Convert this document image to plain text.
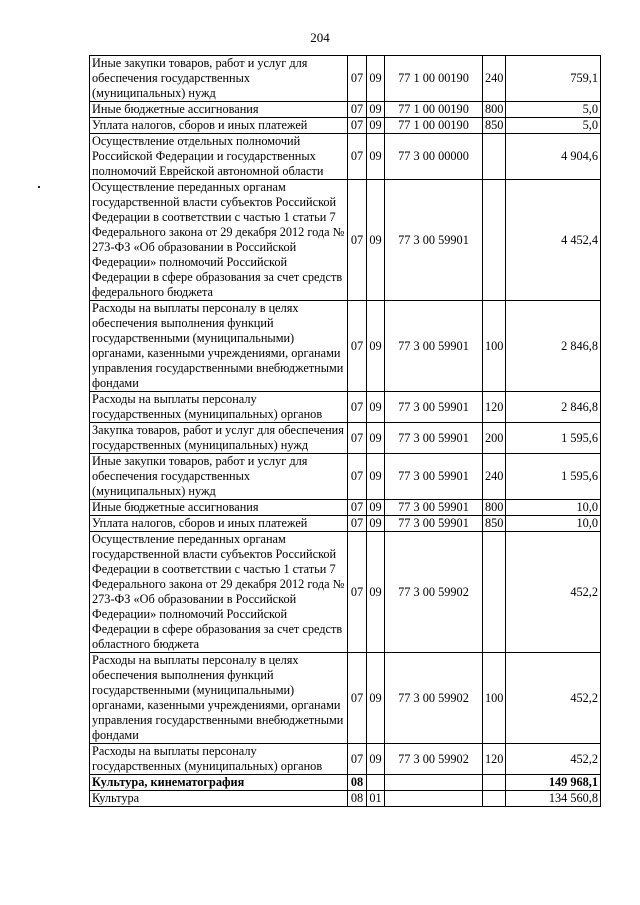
204
Иные закупки товаров, работ и услуг для обеспечения государственных (муниципальных) нужд	07	09	77 1 00 00190	240	759,1
Иные бюджетные ассигнования	07	09	77 1 00 00190	800	5,0
Уплата налогов, сборов и иных платежей	07	09	77 1 00 00190	850	5,0
Осуществление отдельных полномочий Российской Федерации и государственных полномочий Еврейской автономной области	07	09	77 3 00 00000		4 904,6
Осуществление переданных органам государственной власти субъектов Российской Федерации в соответствии с частью 1 статьи 7 Федерального закона от 29 декабря 2012 года № 273-ФЗ «Об образовании в Российской Федерации» полномочий Российской Федерации в сфере образования за счет средств федерального бюджета	07	09	77 3 00 59901		4 452,4
Расходы на выплаты персоналу в целях обеспечения выполнения функций государственными (муниципальными) органами, казенными учреждениями, органами управления государственными внебюджетными фондами	07	09	77 3 00 59901	100	2 846,8
Расходы на выплаты персоналу государственных (муниципальных) органов	07	09	77 3 00 59901	120	2 846,8
Закупка товаров, работ и услуг для обеспечения государственных (муниципальных) нужд	07	09	77 3 00 59901	200	1 595,6
Иные закупки товаров, работ и услуг для обеспечения государственных (муниципальных) нужд	07	09	77 3 00 59901	240	1 595,6
Иные бюджетные ассигнования	07	09	77 3 00 59901	800	10,0
Уплата налогов, сборов и иных платежей	07	09	77 3 00 59901	850	10,0
Осуществление переданных органам государственной власти субъектов Российской Федерации в соответствии с частью 1 статьи 7 Федерального закона от 29 декабря 2012 года № 273-ФЗ «Об образовании в Российской Федерации» полномочий Российской Федерации в сфере образования за счет средств областного бюджета	07	09	77 3 00 59902		452,2
Расходы на выплаты персоналу в целях обеспечения выполнения функций государственными (муниципальными) органами, казенными учреждениями, органами управления государственными внебюджетными фондами	07	09	77 3 00 59902	100	452,2
Расходы на выплаты персоналу государственных (муниципальных) органов	07	09	77 3 00 59902	120	452,2
Культура, кинематография	08				149 968,1
Культура	08	01			134 560,8
